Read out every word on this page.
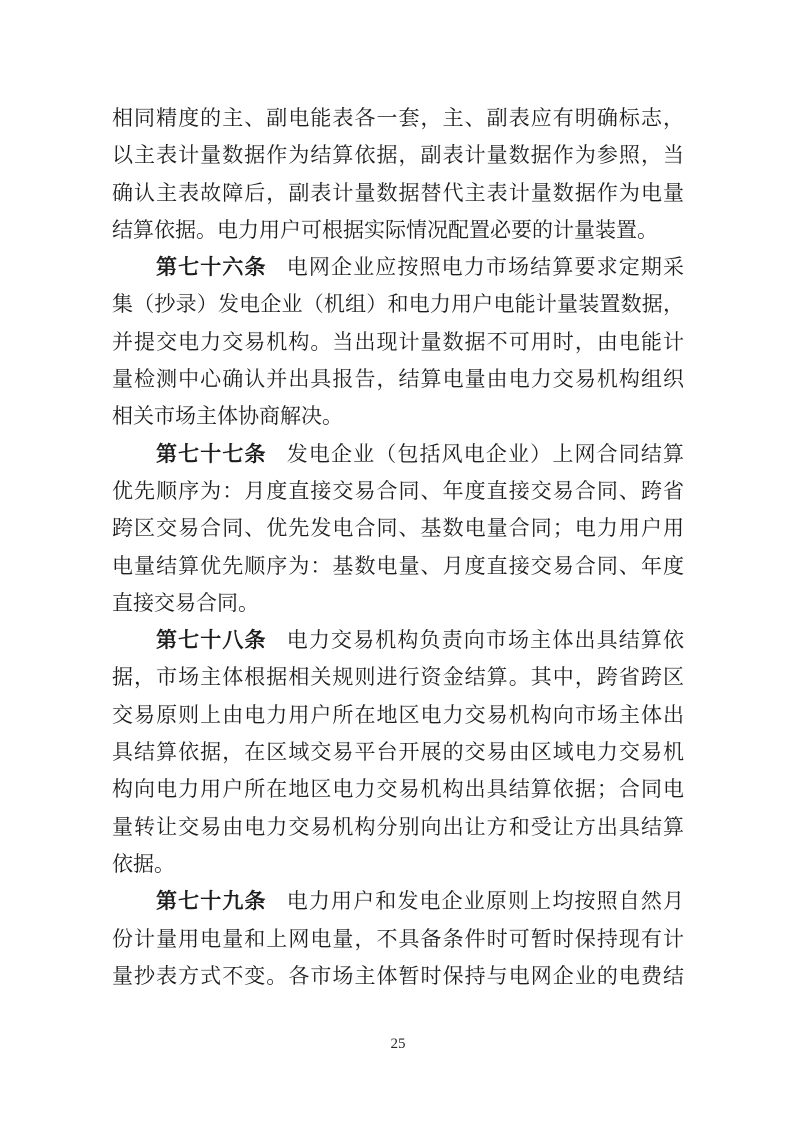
相同精度的主、副电能表各一套，主、副表应有明确标志，
以主表计量数据作为结算依据，副表计量数据作为参照，当
确认主表故障后，副表计量数据替代主表计量数据作为电量
结算依据。电力用户可根据实际情况配置必要的计量装置。
第七十六条 电网企业应按照电力市场结算要求定期采
集（抄录）发电企业（机组）和电力用户电能计量装置数据，
并提交电力交易机构。当出现计量数据不可用时，由电能计
量检测中心确认并出具报告，结算电量由电力交易机构组织
相关市场主体协商解决。
第七十七条 发电企业（包括风电企业）上网合同结算
优先顺序为：月度直接交易合同、年度直接交易合同、跨省
跨区交易合同、优先发电合同、基数电量合同；电力用户用
电量结算优先顺序为：基数电量、月度直接交易合同、年度
直接交易合同。
第七十八条 电力交易机构负责向市场主体出具结算依
据，市场主体根据相关规则进行资金结算。其中，跨省跨区
交易原则上由电力用户所在地区电力交易机构向市场主体出
具结算依据，在区域交易平台开展的交易由区域电力交易机
构向电力用户所在地区电力交易机构出具结算依据；合同电
量转让交易由电力交易机构分别向出让方和受让方出具结算
依据。
第七十九条 电力用户和发电企业原则上均按照自然月
份计量用电量和上网电量，不具备条件时可暂时保持现有计
量抄表方式不变。各市场主体暂时保持与电网企业的电费结
25
